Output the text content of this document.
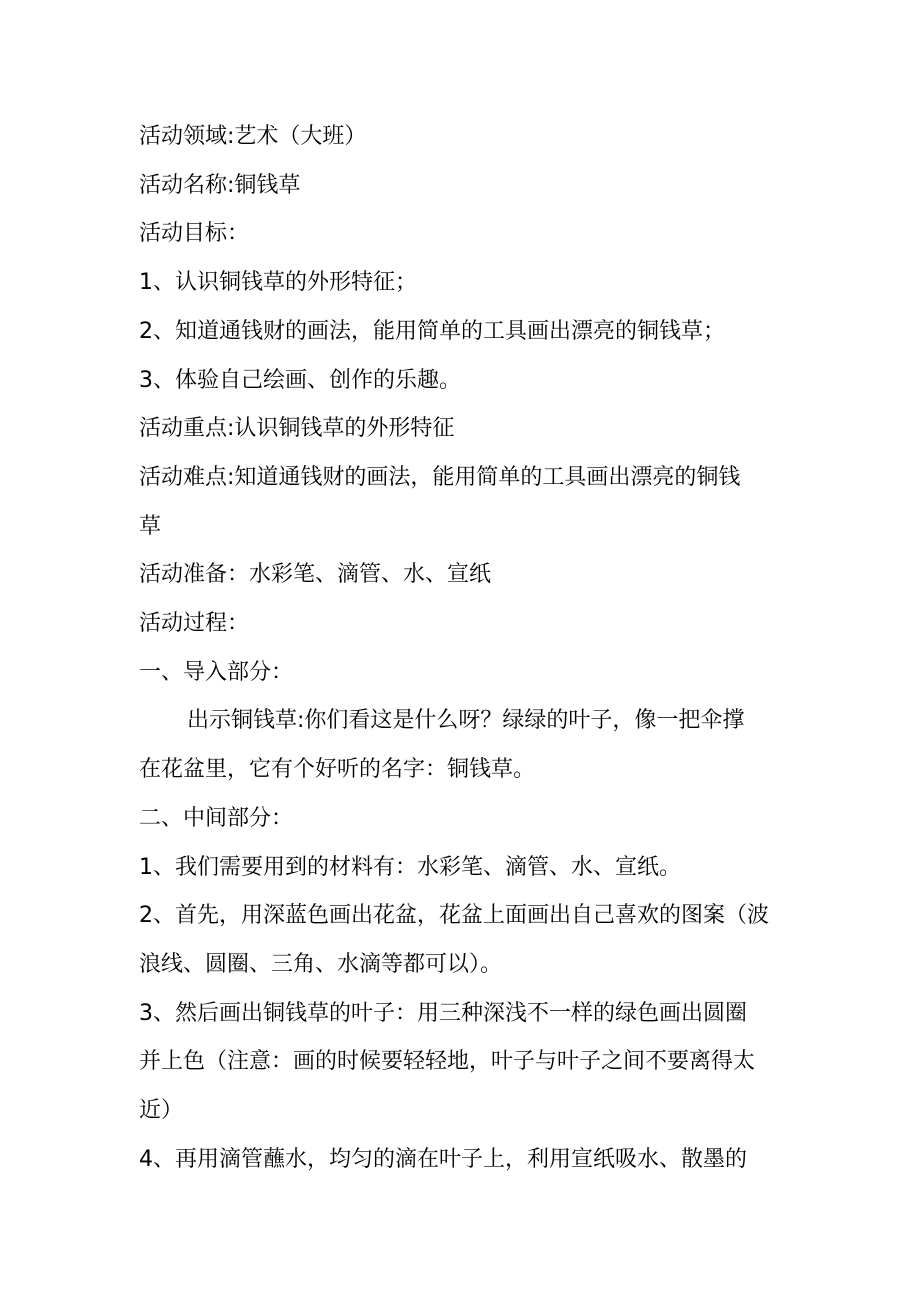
活动领域:艺术（大班）

活动名称:铜钱草

活动目标：

1、认识铜钱草的外形特征；

2、知道通钱财的画法，能用简单的工具画出漂亮的铜钱草；

3、体验自己绘画、创作的乐趣。

活动重点:认识铜钱草的外形特征

活动难点:知道通钱财的画法，能用简单的工具画出漂亮的铜钱

草

活动准备：水彩笔、滴管、水、宣纸

活动过程：

一、导入部分：

出示铜钱草:你们看这是什么呀？绿绿的叶子，像一把伞撑

在花盆里，它有个好听的名字：铜钱草。

二、中间部分：

1、我们需要用到的材料有：水彩笔、滴管、水、宣纸。

2、首先，用深蓝色画出花盆，花盆上面画出自己喜欢的图案（波

浪线、圆圈、三角、水滴等都可以）。

3、然后画出铜钱草的叶子：用三种深浅不一样的绿色画出圆圈

并上色（注意：画的时候要轻轻地，叶子与叶子之间不要离得太

近）

4、再用滴管蘸水，均匀的滴在叶子上，利用宣纸吸水、散墨的
